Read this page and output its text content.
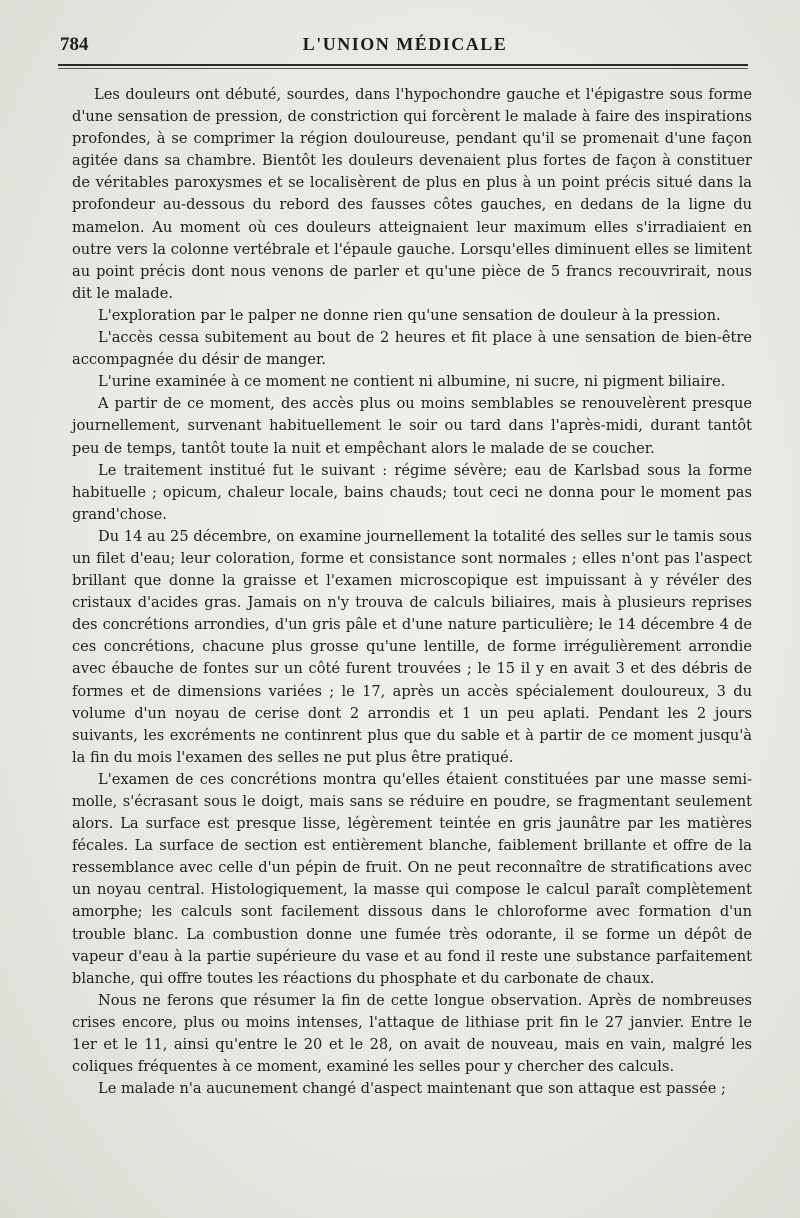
784	L'UNION MÉDICALE

Les douleurs ont débuté, sourdes, dans l'hypochondre gauche et l'épigastre sous forme d'une sensation de pression, de constriction qui forcèrent le malade à faire des inspirations profondes, à se comprimer la région douloureuse, pendant qu'il se promenait d'une façon agitée dans sa chambre. Bientôt les douleurs devenaient plus fortes de façon à constituer de véritables paroxysmes et se localisèrent de plus en plus à un point précis situé dans la profondeur au-dessous du rebord des fausses côtes gauches, en dedans de la ligne du mamelon. Au moment où ces douleurs atteignaient leur maximum elles s'irradiaient en outre vers la colonne vertébrale et l'épaule gauche. Lorsqu'elles diminuent elles se limitent au point précis dont nous venons de parler et qu'une pièce de 5 francs recouvrirait, nous dit le malade.

L'exploration par le palper ne donne rien qu'une sensation de douleur à la pression.

L'accès cessa subitement au bout de 2 heures et fit place à une sensation de bien-être accompagnée du désir de manger.

L'urine examinée à ce moment ne contient ni albumine, ni sucre, ni pigment biliaire.

A partir de ce moment, des accès plus ou moins semblables se renouvelèrent presque journellement, survenant habituellement le soir ou tard dans l'après-midi, durant tantôt peu de temps, tantôt toute la nuit et empêchant alors le malade de se coucher.

Le traitement institué fut le suivant : régime sévère; eau de Karlsbad sous la forme habituelle ; opicum, chaleur locale, bains chauds; tout ceci ne donna pour le moment pas grand'chose.

Du 14 au 25 décembre, on examine journellement la totalité des selles sur le tamis sous un filet d'eau; leur coloration, forme et consistance sont normales ; elles n'ont pas l'aspect brillant que donne la graisse et l'examen microscopique est impuissant à y révéler des cristaux d'acides gras. Jamais on n'y trouva de calculs biliaires, mais à plusieurs reprises des concrétions arrondies, d'un gris pâle et d'une nature particulière; le 14 décembre 4 de ces concrétions, chacune plus grosse qu'une lentille, de forme irrégulièrement arrondie avec ébauche de fontes sur un côté furent trouvées ; le 15 il y en avait 3 et des débris de formes et de dimensions variées ; le 17, après un accès spécialement douloureux, 3 du volume d'un noyau de cerise dont 2 arrondis et 1 un peu aplati. Pendant les 2 jours suivants, les excréments ne continrent plus que du sable et à partir de ce moment jusqu'à la fin du mois l'examen des selles ne put plus être pratiqué.

L'examen de ces concrétions montra qu'elles étaient constituées par une masse semi-molle, s'écrasant sous le doigt, mais sans se réduire en poudre, se fragmentant seulement alors. La surface est presque lisse, légèrement teintée en gris jaunâtre par les matières fécales. La surface de section est entièrement blanche, faiblement brillante et offre de la ressemblance avec celle d'un pépin de fruit. On ne peut reconnaître de stratifications avec un noyau central. Histologiquement, la masse qui compose le calcul paraît complètement amorphe; les calculs sont facilement dissous dans le chloroforme avec formation d'un trouble blanc. La combustion donne une fumée très odorante, il se forme un dépôt de vapeur d'eau à la partie supérieure du vase et au fond il reste une substance parfaitement blanche, qui offre toutes les réactions du phosphate et du carbonate de chaux.

Nous ne ferons que résumer la fin de cette longue observation. Après de nombreuses crises encore, plus ou moins intenses, l'attaque de lithiase prit fin le 27 janvier. Entre le 1er et le 11, ainsi qu'entre le 20 et le 28, on avait de nouveau, mais en vain, malgré les coliques fréquentes à ce moment, examiné les selles pour y chercher des calculs.

Le malade n'a aucunement changé d'aspect maintenant que son attaque est passée ;
